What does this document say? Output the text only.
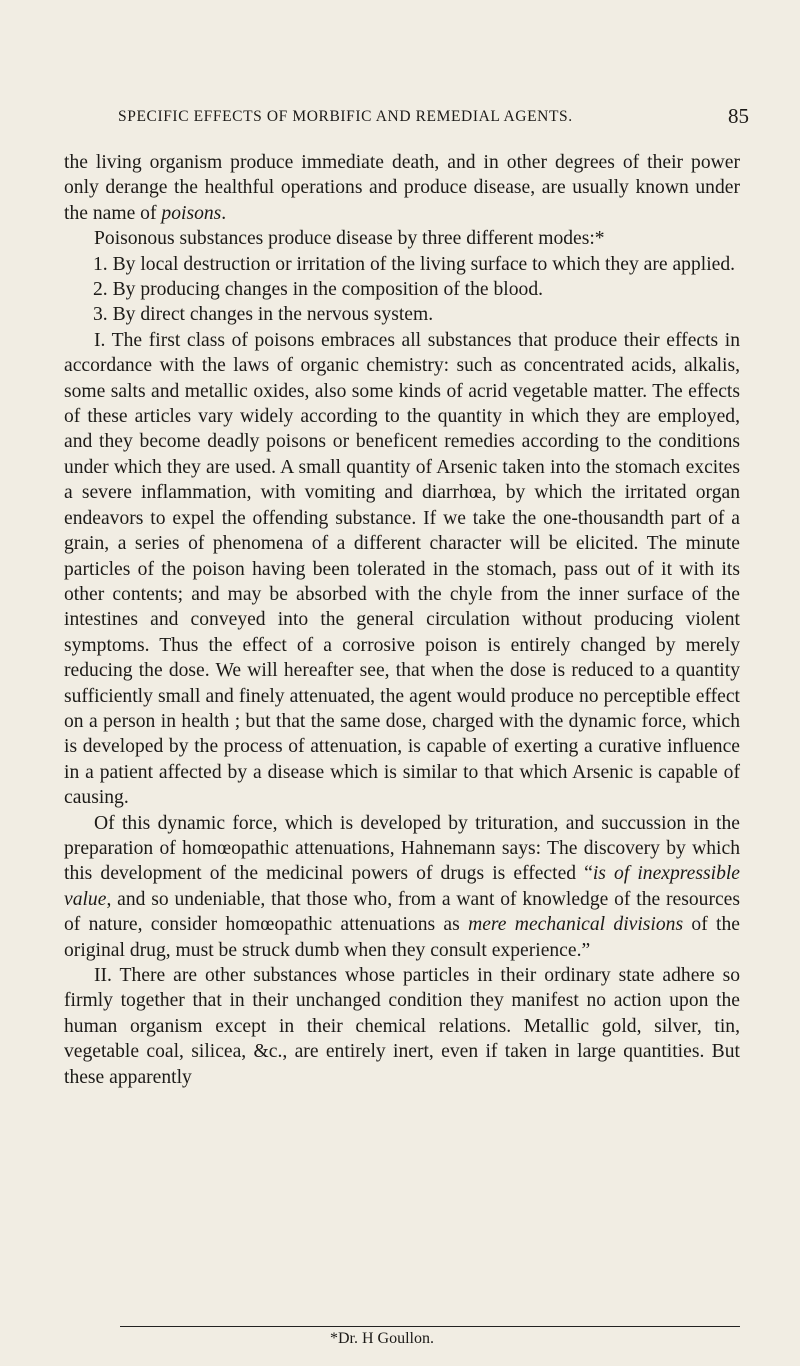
SPECIFIC EFFECTS OF MORBIFIC AND REMEDIAL AGENTS.	85

the living organism produce immediate death, and in other degrees of their power only derange the healthful operations and produce disease, are usually known under the name of poisons.

Poisonous substances produce disease by three different modes:*

1. By local destruction or irritation of the living surface to which they are applied.

2. By producing changes in the composition of the blood.

3. By direct changes in the nervous system.

I. The first class of poisons embraces all substances that produce their effects in accordance with the laws of organic chemistry: such as concentrated acids, alkalis, some salts and metallic oxides, also some kinds of acrid vegetable matter. The effects of these articles vary widely according to the quantity in which they are employed, and they become deadly poisons or beneficent remedies according to the conditions under which they are used. A small quantity of Arsenic taken into the stomach excites a severe inflammation, with vomiting and diarrhœa, by which the irritated organ endeavors to expel the offending substance. If we take the one-thousandth part of a grain, a series of phenomena of a different character will be elicited. The minute particles of the poison having been tolerated in the stomach, pass out of it with its other contents; and may be absorbed with the chyle from the inner surface of the intestines and conveyed into the general circulation without producing violent symptoms. Thus the effect of a corrosive poison is entirely changed by merely reducing the dose. We will hereafter see, that when the dose is reduced to a quantity sufficiently small and finely attenuated, the agent would produce no perceptible effect on a person in health ; but that the same dose, charged with the dynamic force, which is developed by the process of attenuation, is capable of exerting a curative influence in a patient affected by a disease which is similar to that which Arsenic is capable of causing.

Of this dynamic force, which is developed by trituration, and succussion in the preparation of homœopathic attenuations, Hahnemann says: The discovery by which this development of the medicinal powers of drugs is effected “is of inexpressible value, and so undeniable, that those who, from a want of knowledge of the resources of nature, consider homœopathic attenuations as mere mechanical divisions of the original drug, must be struck dumb when they consult experience.”

II. There are other substances whose particles in their ordinary state adhere so firmly together that in their unchanged condition they manifest no action upon the human organism except in their chemical relations. Metallic gold, silver, tin, vegetable coal, silicea, &c., are entirely inert, even if taken in large quantities. But these apparently

*Dr. H Goullon.
